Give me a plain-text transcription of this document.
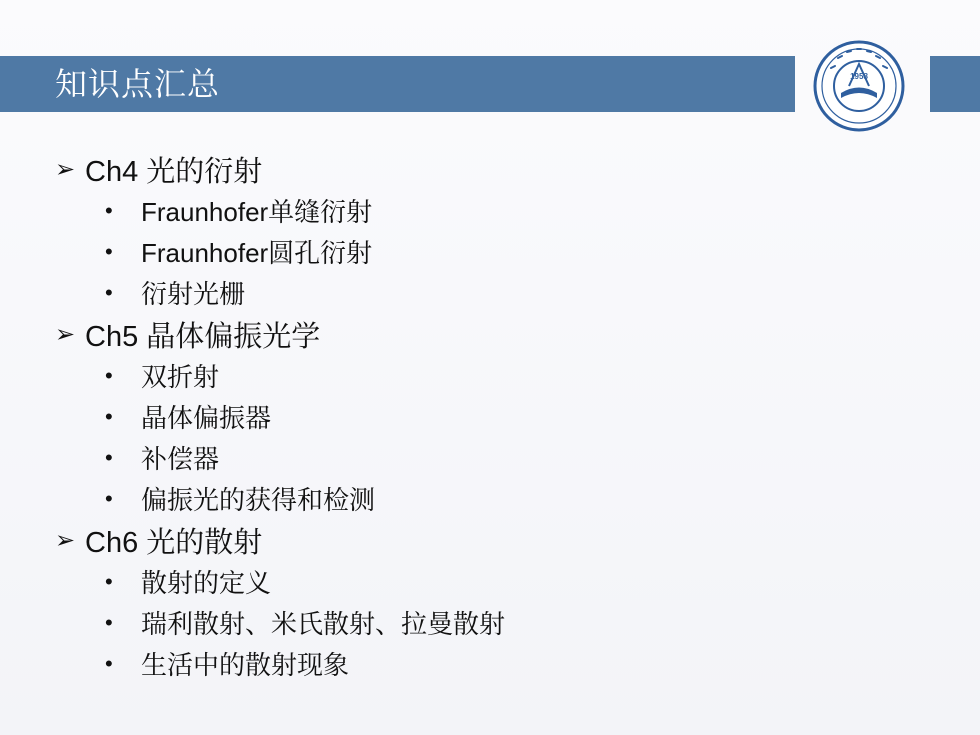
知识点汇总	1958
➢ Ch4 光的衍射
•	Fraunhofer单缝衍射
•	Fraunhofer圆孔衍射
•	衍射光栅
➢ Ch5 晶体偏振光学
•	双折射
•	晶体偏振器
•	补偿器
•	偏振光的获得和检测
➢ Ch6 光的散射
•	散射的定义
•	瑞利散射、米氏散射、拉曼散射
•	生活中的散射现象
